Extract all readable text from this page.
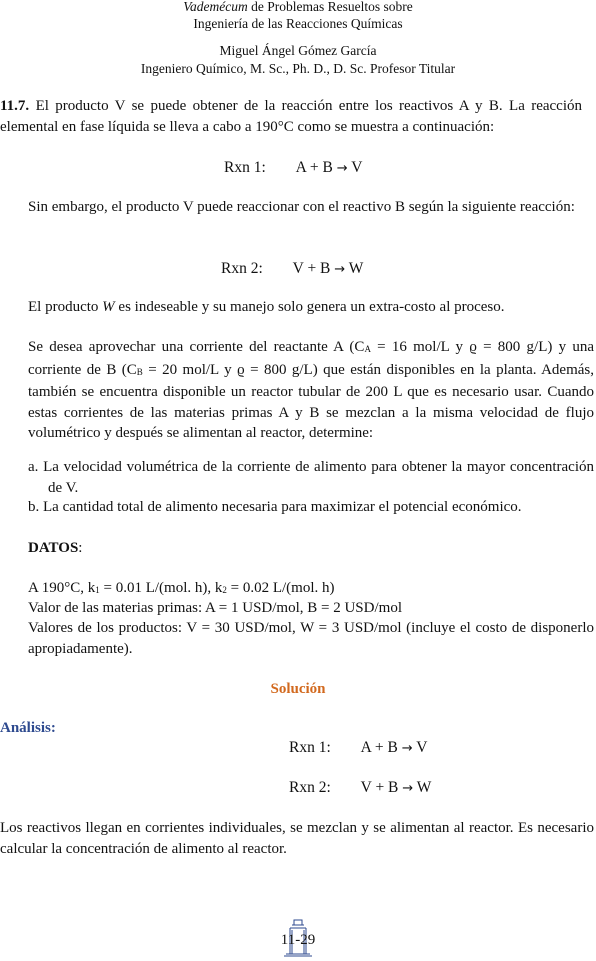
Vademécum de Problemas Resueltos sobre
Ingeniería de las Reacciones Químicas
Miguel Ángel Gómez García
Ingeniero Químico, M. Sc., Ph. D., D. Sc. Profesor Titular
11.7. El producto V se puede obtener de la reacción entre los reactivos A y B. La reacción elemental en fase líquida se lleva a cabo a 190°C como se muestra a continuación:
Rxn 1: A + B → V
Sin embargo, el producto V puede reaccionar con el reactivo B según la siguiente reacción:
Rxn 2: V + B → W
El producto W es indeseable y su manejo solo genera un extra-costo al proceso.
Se desea aprovechar una corriente del reactante A ($C_A = 16$ mol/L y ϱ = 800 g/L) y una corriente de B ($C_B = 20$ mol/L y ϱ = 800 g/L) que están disponibles en la planta. Además, también se encuentra disponible un reactor tubular de 200 L que es necesario usar. Cuando estas corrientes de las materias primas A y B se mezclan a la misma velocidad de flujo volumétrico y después se alimentan al reactor, determine:
a. La velocidad volumétrica de la corriente de alimento para obtener la mayor concentración de V.
b. La cantidad total de alimento necesaria para maximizar el potencial económico.
DATOS:
A 190°C, $k_1 = 0.01$ L/(mol. h), $k_2 = 0.02$ L/(mol. h)
Valor de las materias primas: A = 1 USD/mol, B = 2 USD/mol
Valores de los productos: V = 30 USD/mol, W = 3 USD/mol (incluye el costo de disponerlo apropiadamente).
Solución
Análisis:
Rxn 1: A + B → V
Rxn 2: V + B → W
Los reactivos llegan en corrientes individuales, se mezclan y se alimentan al reactor. Es necesario calcular la concentración de alimento al reactor.
11-29
